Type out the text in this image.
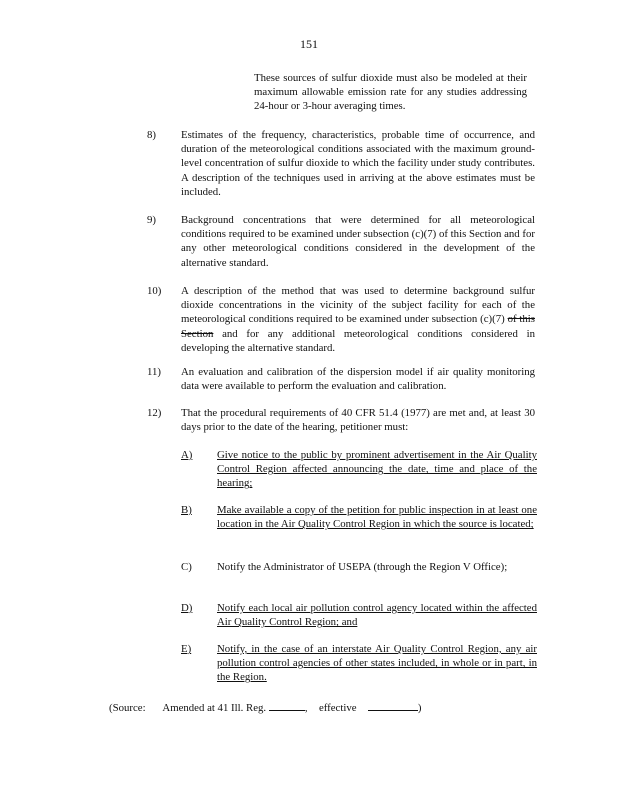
151
These sources of sulfur dioxide must also be modeled at their maximum allowable emission rate for any studies addressing 24-hour or 3-hour averaging times.
8) Estimates of the frequency, characteristics, probable time of occurrence, and duration of the meteorological conditions associated with the maximum ground-level concentration of sulfur dioxide to which the facility under study contributes. A description of the techniques used in arriving at the above estimates must be included.
9) Background concentrations that were determined for all meteorological conditions required to be examined under subsection (c)(7) of this Section and for any other meteorological conditions considered in the development of the alternative standard.
10) A description of the method that was used to determine background sulfur dioxide concentrations in the vicinity of the subject facility for each of the meteorological conditions required to be examined under subsection (c)(7) of this Section and for any additional meteorological conditions considered in developing the alternative standard.
11) An evaluation and calibration of the dispersion model if air quality monitoring data were available to perform the evaluation and calibration.
12) That the procedural requirements of 40 CFR 51.4 (1977) are met and, at least 30 days prior to the date of the hearing, petitioner must:
A) Give notice to the public by prominent advertisement in the Air Quality Control Region affected announcing the date, time and place of the hearing;
B) Make available a copy of the petition for public inspection in at least one location in the Air Quality Control Region in which the source is located;
C) Notify the Administrator of USEPA (through the Region V Office);
D) Notify each local air pollution control agency located within the affected Air Quality Control Region; and
E) Notify, in the case of an interstate Air Quality Control Region, any air pollution control agencies of other states included, in whole or in part, in the Region.
(Source: Amended at 41 Ill. Reg.	, effective	)
